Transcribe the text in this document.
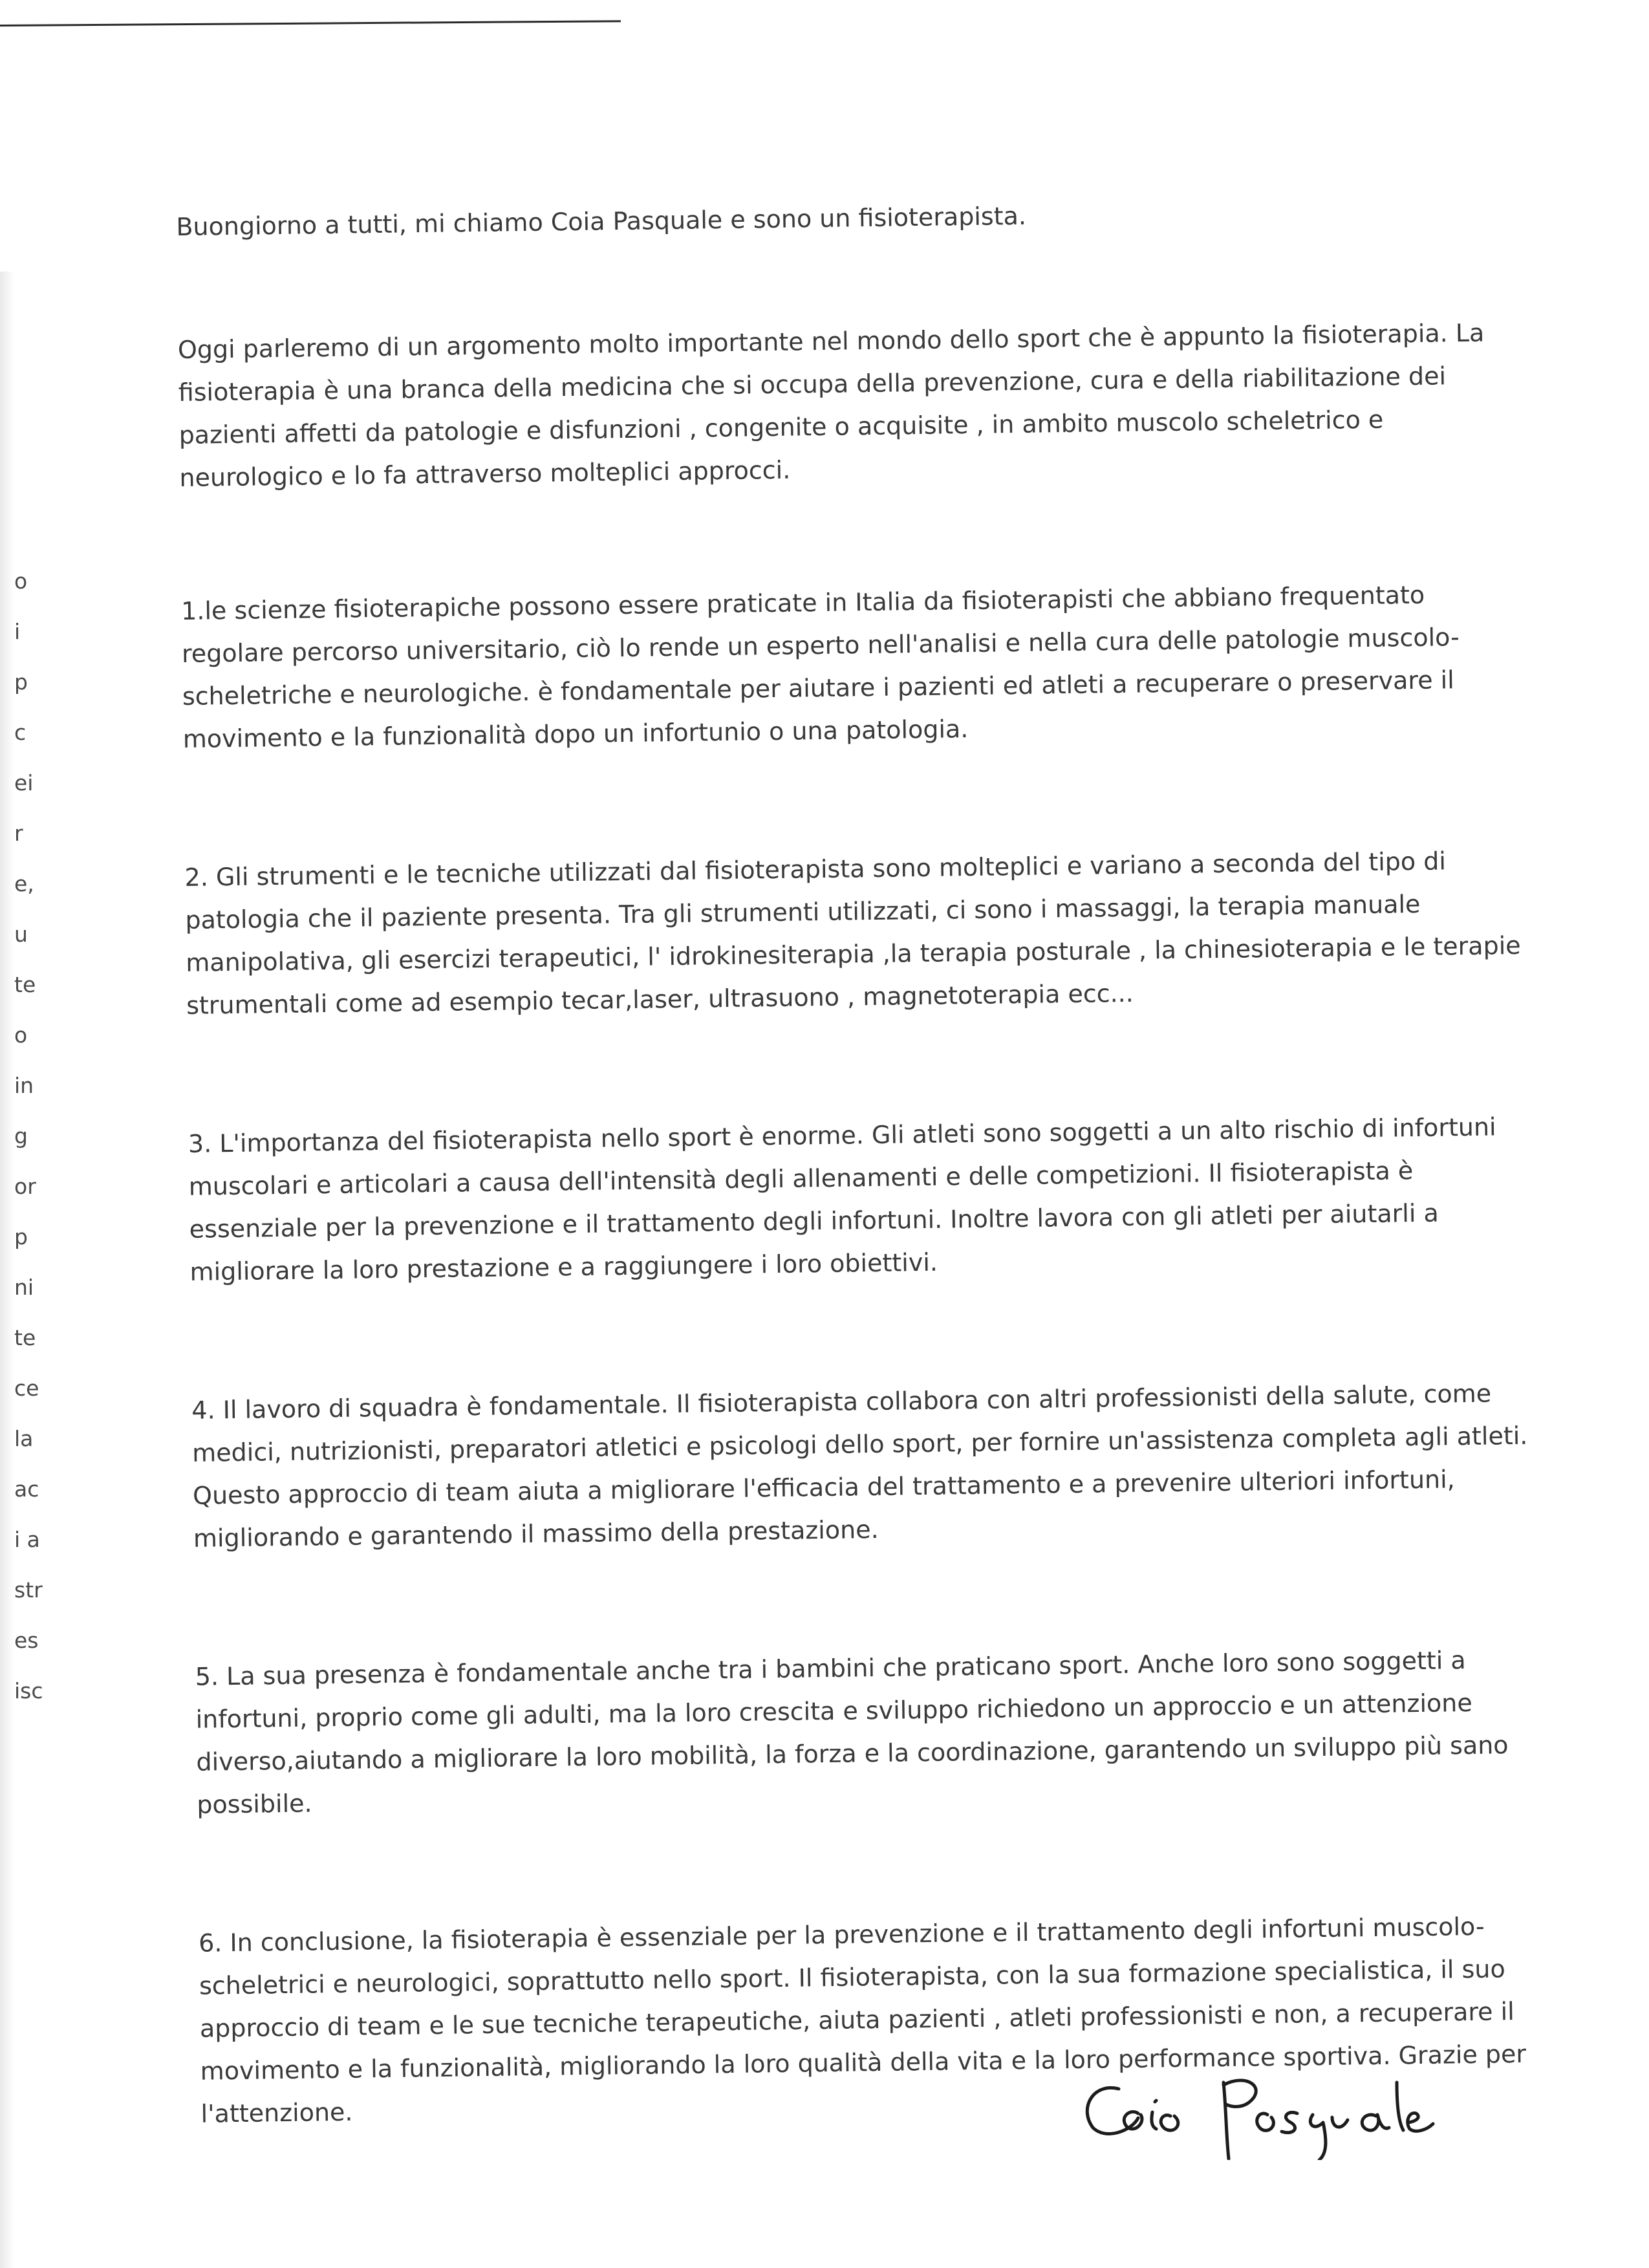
o
i
p
c
ei
r
e,
u
te
o
in
g
or
p
ni
te
ce
la
ac
i a
str
es
isc

Buongiorno a tutti, mi chiamo Coia Pasquale e sono un fisioterapista.

Oggi parleremo di un argomento molto importante nel mondo dello sport che è appunto la fisioterapia. La fisioterapia è una branca della medicina che si occupa della prevenzione, cura e della riabilitazione dei pazienti affetti da patologie e disfunzioni , congenite o acquisite , in ambito muscolo scheletrico e neurologico e lo fa attraverso molteplici approcci.

1.le scienze fisioterapiche possono essere praticate in Italia da fisioterapisti che abbiano frequentato regolare percorso universitario, ciò lo rende un esperto nell'analisi e nella cura delle patologie muscolo-scheletriche e neurologiche. è fondamentale per aiutare i pazienti ed atleti a recuperare o preservare il movimento e la funzionalità dopo un infortunio o una patologia.

2. Gli strumenti e le tecniche utilizzati dal fisioterapista sono molteplici e variano a seconda del tipo di patologia che il paziente presenta. Tra gli strumenti utilizzati, ci sono i massaggi, la terapia manuale manipolativa, gli esercizi terapeutici, l' idrokinesiterapia ,la terapia posturale , la chinesioterapia e le terapie strumentali come ad esempio tecar,laser, ultrasuono , magnetoterapia ecc...

3. L'importanza del fisioterapista nello sport è enorme. Gli atleti sono soggetti a un alto rischio di infortuni muscolari e articolari a causa dell'intensità degli allenamenti e delle competizioni. Il fisioterapista è essenziale per la prevenzione e il trattamento degli infortuni. Inoltre lavora con gli atleti per aiutarli a migliorare la loro prestazione e a raggiungere i loro obiettivi.

4. Il lavoro di squadra è fondamentale. Il fisioterapista collabora con altri professionisti della salute, come medici, nutrizionisti, preparatori atletici e psicologi dello sport, per fornire un'assistenza completa agli atleti. Questo approccio di team aiuta a migliorare l'efficacia del trattamento e a prevenire ulteriori infortuni, migliorando e garantendo il massimo della prestazione.

5. La sua presenza è fondamentale anche tra i bambini che praticano sport. Anche loro sono soggetti a infortuni, proprio come gli adulti, ma la loro crescita e sviluppo richiedono un approccio e un attenzione diverso,aiutando a migliorare la loro mobilità, la forza e la coordinazione, garantendo un sviluppo più sano possibile.

6. In conclusione, la fisioterapia è essenziale per la prevenzione e il trattamento degli infortuni muscolo-scheletrici e neurologici, soprattutto nello sport. Il fisioterapista, con la sua formazione specialistica, il suo approccio di team e le sue tecniche terapeutiche, aiuta pazienti , atleti professionisti e non, a recuperare il movimento e la funzionalità, migliorando la loro qualità della vita e la loro performance sportiva. Grazie per l'attenzione.
